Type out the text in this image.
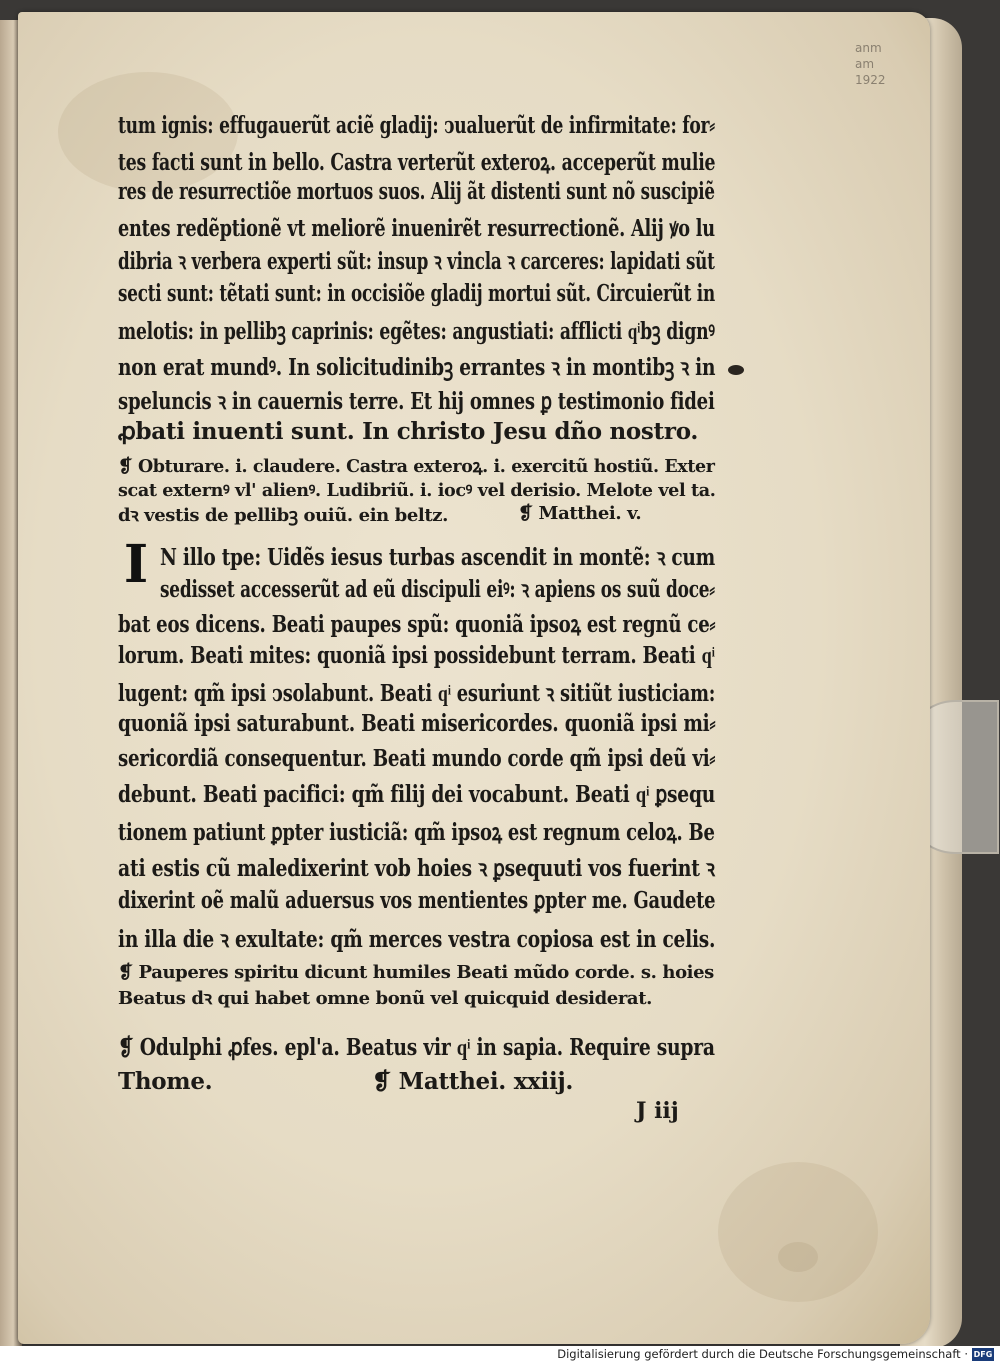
anm
am
1922
tum ignis: effugauerũt aciẽ gladij: ↄualuerũt de infirmitate: for⸗
tes facti sunt in bello. Castra verterũt exteroꝝ. acceperũt mulie
res de resurrectiõe mortuos suos. Alij ãt distenti sunt nõ suscipiẽ
entes redẽptionẽ vt meliorẽ inuenirẽt resurrectionẽ. Alij ꝟo lu
dibria ꝛ verbera experti sũt: insup ꝛ vincla ꝛ carceres: lapidati sũt
secti sunt: tẽtati sunt: in occisiõe gladij mortui sũt. Circuierũt in
melotis: in pellibꝫ caprinis: egẽtes: angustiati: afflicti qͥbꝫ dignꝰ
non erat mundꝰ. In solicitudinibꝫ errantes ꝛ in montibꝫ ꝛ in
speluncis ꝛ in cauernis terre. Et hij omnes ꝑ testimonio fidei
ꝓbati inuenti sunt. In christo Jesu dño nostro.
❡ Obturare. i. claudere. Castra exteroꝝ. i. exercitũ hostiũ. Exter
scat externꝰ vl' alienꝰ. Ludibriũ. i. iocꝰ vel derisio. Melote vel ta.
dꝛ vestis de pellibꝫ ouiũ. ein beltz.	❡ Matthei. v.
I N illo tpe: Uidẽs iesus turbas ascendit in montẽ: ꝛ cum
sedisset accesserũt ad eũ discipuli eiꝰ: ꝛ apiens os suũ doce⸗
bat eos dicens. Beati paupes spũ: quoniã ipsoꝝ est regnũ ce⸗
lorum. Beati mites: quoniã ipsi possidebunt terram. Beati qͥ
lugent: qm̃ ipsi ↄsolabunt. Beati qͥ esuriunt ꝛ sitiũt iusticiam:
quoniã ipsi saturabunt. Beati misericordes. quoniã ipsi mi⸗
sericordiã consequentur. Beati mundo corde qm̃ ipsi deũ vi⸗
debunt. Beati pacifici: qm̃ filij dei vocabunt. Beati qͥ ꝑsequ
tionem patiunt ꝑpter iusticiã: qm̃ ipsoꝝ est regnum celoꝝ. Be
ati estis cũ maledixerint vob hoies ꝛ ꝑsequuti vos fuerint ꝛ
dixerint oẽ malũ aduersus vos mentientes ꝑpter me. Gaudete
in illa die ꝛ exultate: qm̃ merces vestra copiosa est in celis.
❡ Pauperes spiritu dicunt humiles Beati mũdo corde. s. hoies
Beatus dꝛ qui habet omne bonũ vel quicquid desiderat.
❡ Odulphi ꝓfes. epl'a. Beatus vir qͥ in sapia. Require supra
Thome.	❡ Matthei. xxiij.
J iij
Digitalisierung gefördert durch die Deutsche Forschungsgemeinschaft · DFG
